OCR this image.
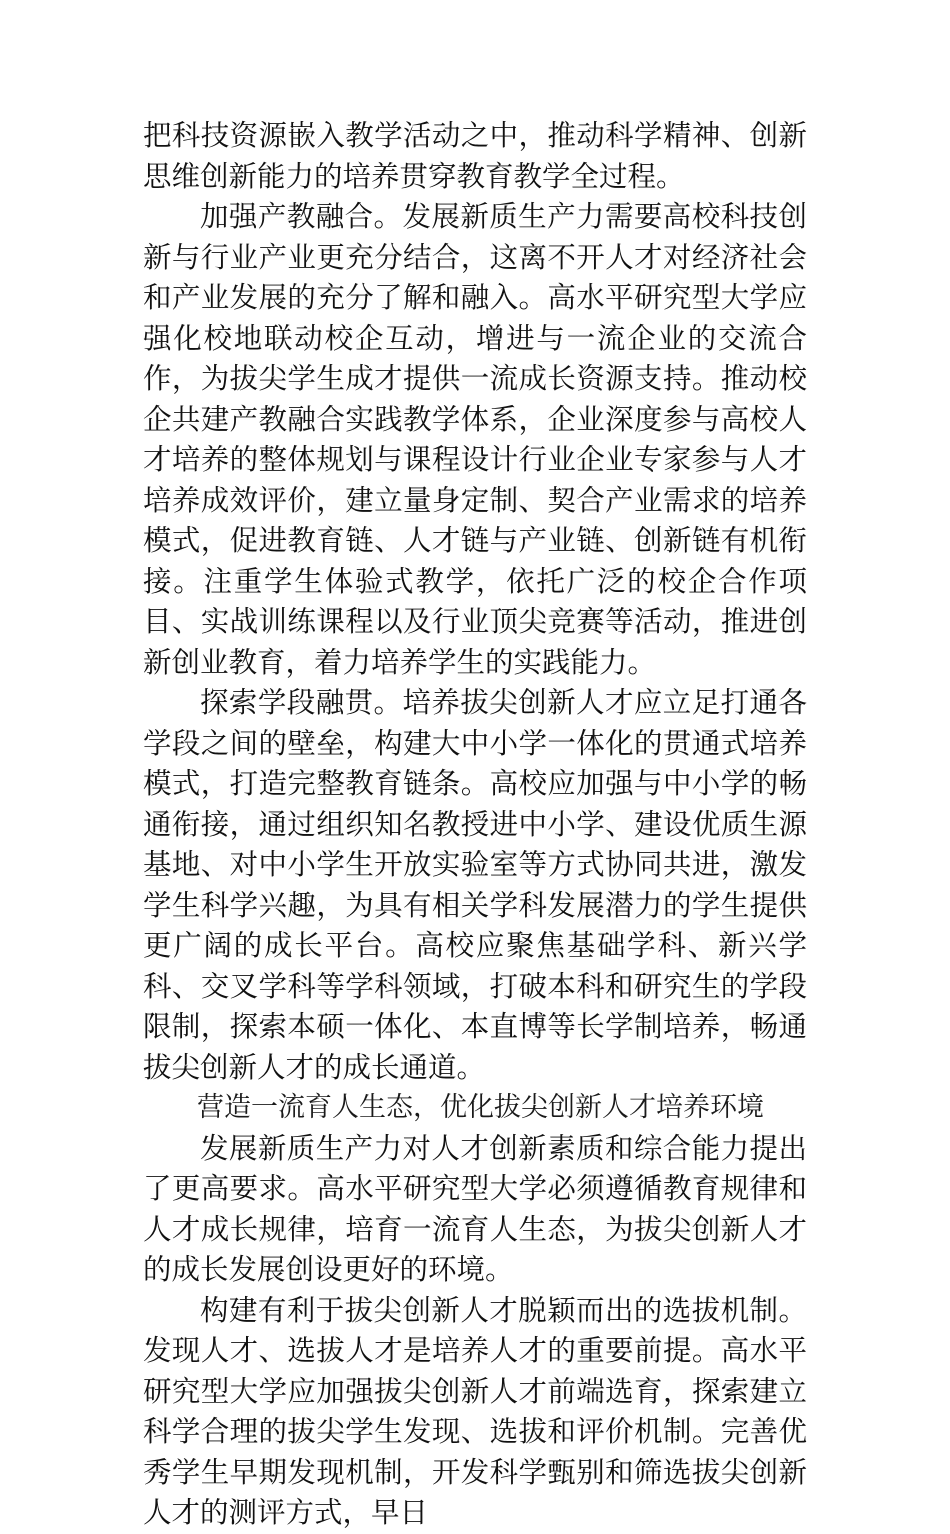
把科技资源嵌入教学活动之中，推动科学精神、创新思维创新能力的培养贯穿教育教学全过程。

加强产教融合。发展新质生产力需要高校科技创新与行业产业更充分结合，这离不开人才对经济社会和产业发展的充分了解和融入。高水平研究型大学应强化校地联动校企互动，增进与一流企业的交流合作，为拔尖学生成才提供一流成长资源支持。推动校企共建产教融合实践教学体系，企业深度参与高校人才培养的整体规划与课程设计行业企业专家参与人才培养成效评价，建立量身定制、契合产业需求的培养模式，促进教育链、人才链与产业链、创新链有机衔接。注重学生体验式教学，依托广泛的校企合作项目、实战训练课程以及行业顶尖竞赛等活动，推进创新创业教育，着力培养学生的实践能力。

探索学段融贯。培养拔尖创新人才应立足打通各学段之间的壁垒，构建大中小学一体化的贯通式培养模式，打造完整教育链条。高校应加强与中小学的畅通衔接，通过组织知名教授进中小学、建设优质生源基地、对中小学生开放实验室等方式协同共进，激发学生科学兴趣，为具有相关学科发展潜力的学生提供更广阔的成长平台。高校应聚焦基础学科、新兴学科、交叉学科等学科领域，打破本科和研究生的学段限制，探索本硕一体化、本直博等长学制培养，畅通拔尖创新人才的成长通道。

营造一流育人生态，优化拔尖创新人才培养环境

发展新质生产力对人才创新素质和综合能力提出了更高要求。高水平研究型大学必须遵循教育规律和人才成长规律，培育一流育人生态，为拔尖创新人才的成长发展创设更好的环境。

构建有利于拔尖创新人才脱颖而出的选拔机制。发现人才、选拔人才是培养人才的重要前提。高水平研究型大学应加强拔尖创新人才前端选育，探索建立科学合理的拔尖学生发现、选拔和评价机制。完善优秀学生早期发现机制，开发科学甄别和筛选拔尖创新人才的测评方式，早日
